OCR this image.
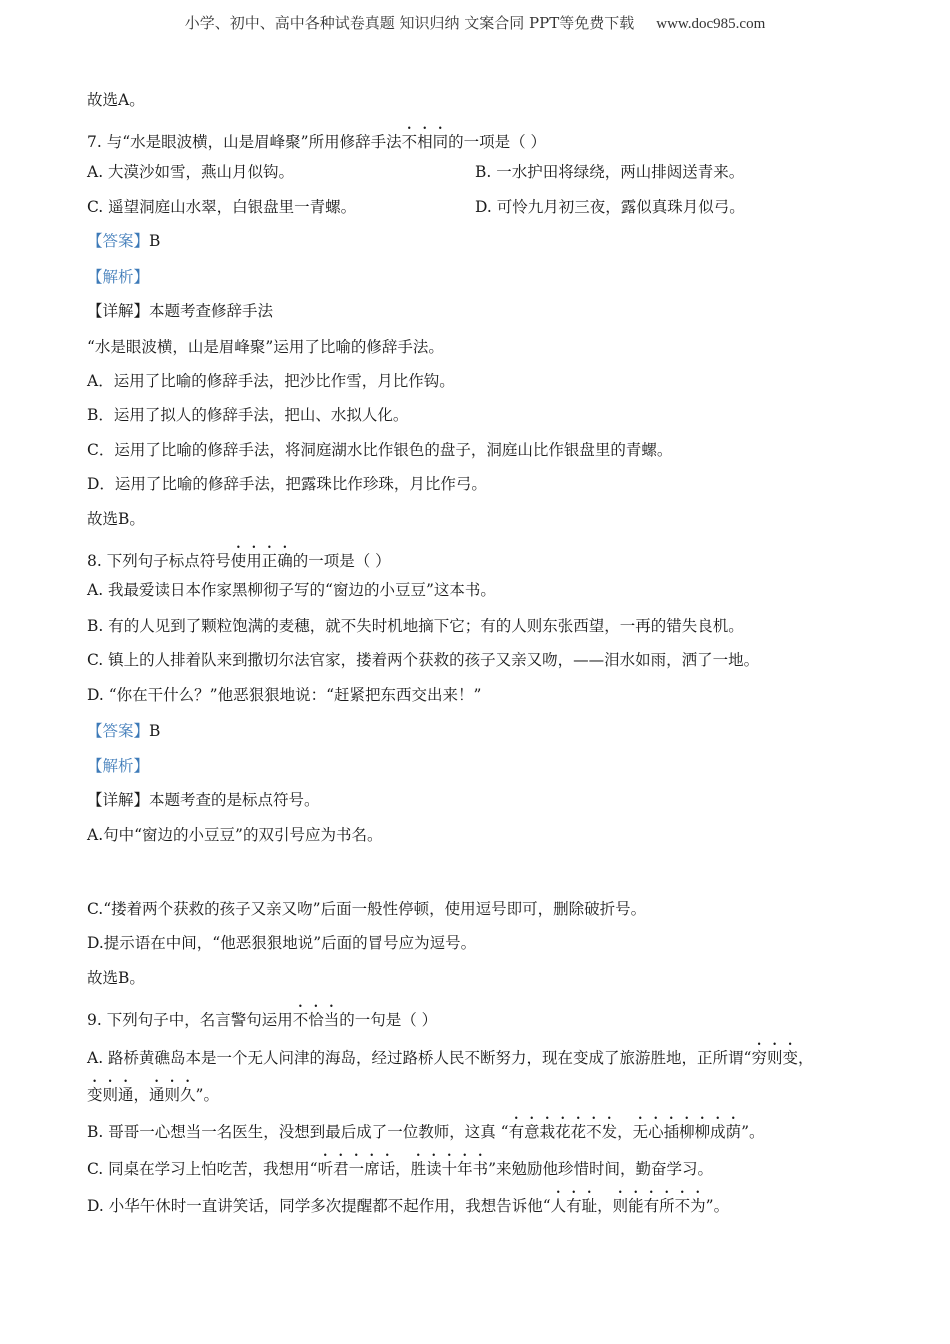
小学、初中、高中各种试卷真题 知识归纳 文案合同 PPT等免费下载 www.doc985.com
故选A。
7. 与“水是眼波横，山是眉峰聚”所用修辞手法不相同的一项是（ ）
A. 大漠沙如雪，燕山月似钩。	B. 一水护田将绿绕，两山排闼送青来。
C. 遥望洞庭山水翠，白银盘里一青螺。	D. 可怜九月初三夜，露似真珠月似弓。
【答案】B
【解析】
【详解】本题考查修辞手法
“水是眼波横，山是眉峰聚”运用了比喻的修辞手法。
A．运用了比喻的修辞手法，把沙比作雪，月比作钩。
B．运用了拟人的修辞手法，把山、水拟人化。
C．运用了比喻的修辞手法，将洞庭湖水比作银色的盘子，洞庭山比作银盘里的青螺。
D．运用了比喻的修辞手法，把露珠比作珍珠，月比作弓。
故选B。
8. 下列句子标点符号使用正确的一项是（ ）
A. 我最爱读日本作家黑柳彻子写的“窗边的小豆豆”这本书。
B. 有的人见到了颗粒饱满的麦穗，就不失时机地摘下它；有的人则东张西望，一再的错失良机。
C. 镇上的人排着队来到撒切尔法官家，搂着两个获救的孩子又亲又吻，——泪水如雨，洒了一地。
D. “你在干什么？”他恶狠狠地说：“赶紧把东西交出来！”
【答案】B
【解析】
【详解】本题考查的是标点符号。
A.句中“窗边的小豆豆”的双引号应为书名。
C.“搂着两个获救的孩子又亲又吻”后面一般性停顿，使用逗号即可，删除破折号。
D.提示语在中间，“他恶狠狠地说”后面的冒号应为逗号。
故选B。
9. 下列句子中，名言警句运用不恰当的一句是（ ）
A. 路桥黄礁岛本是一个无人问津的海岛，经过路桥人民不断努力，现在变成了旅游胜地，正所谓“穷则变，
变则通，通则久”。
B. 哥哥一心想当一名医生，没想到最后成了一位教师，这真 “有意栽花花不发，无心插柳柳成荫”。
C. 同桌在学习上怕吃苦，我想用“听君一席话，胜读十年书”来勉励他珍惜时间，勤奋学习。
D. 小华午休时一直讲笑话，同学多次提醒都不起作用，我想告诉他“人有耻，则能有所不为”。
